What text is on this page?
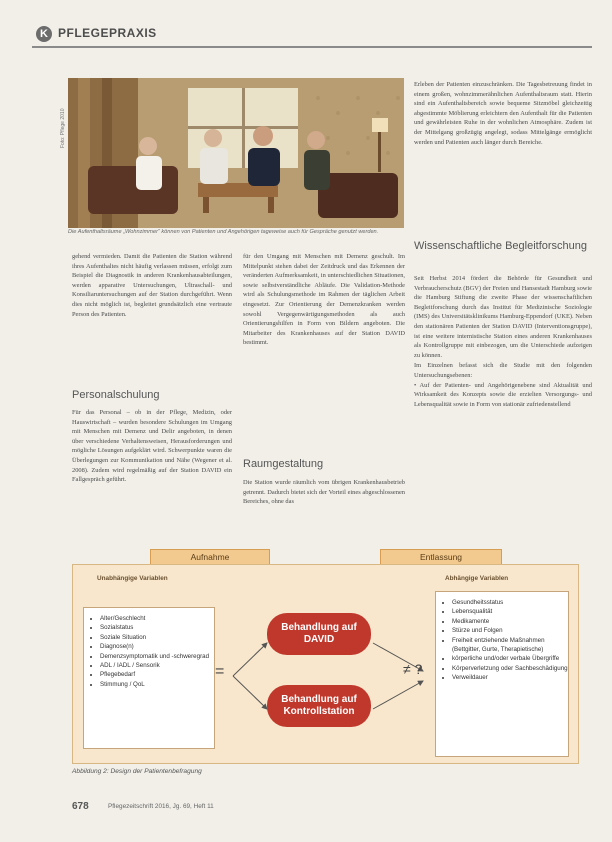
K PFLEGEPRAXIS
Foto: Pflege 2010
Die Aufenthaltsräume „Wohnzimmer“ können von Patienten und Angehörigen tageweise auch für Gespräche genutzt werden.

Erleben der Patienten einzuschränken. Die Tagesbetreuung findet in einem großen, wohnzimmerähnlichen Aufenthaltsraum statt. Hierin sind ein Aufenthaltsbereich sowie bequeme Sitzmöbel gleichzeitig abgestimmte Möblierung erleichtern den Aufenthalt für die Patienten und gewährleisten Ruhe in der wohnlichen Atmosphäre. Zudem ist der Mittelgang großzügig angelegt, sodass Mittelgänge ermöglicht werden und Patienten auch länger durch Bereiche.

gehend vermieden. Damit die Patienten die Station während ihres Aufenthaltes nicht häufig verlassen müssen, erfolgt zum Beispiel die Diagnostik in anderen Krankenhausabteilungen, werden apparative Untersuchungen, Ultraschall- und Konsiliaruntersuchungen auf der Station durchgeführt. Wenn dies nicht möglich ist, begleitet grundsätzlich eine vertraute Person des Patienten.

Personalschulung

Für das Personal – ob in der Pflege, Medizin, oder Hauswirtschaft – wurden besondere Schulungen im Umgang mit Menschen mit Demenz und Delir angeboten, in denen über verschiedene Verhaltensweisen, Herausforderungen und mögliche Lösungen aufgeklärt wird. Schwerpunkte waren die Überlegungen zur Kommunikation und Nähe (Wegener et al. 2008). Zudem wird regelmäßig auf der Station DAVID ein Fallgespräch geführt.

für den Umgang mit Menschen mit Demenz geschult. Im Mittelpunkt stehen dabei der Zeitdruck und das Erkennen der veränderten Aufmerksamkeit, in unterschiedlichen Situationen, sowie selbstverständliche Abläufe. Die Validation-Methode wird als Schulungsmethode im Rahmen der täglichen Arbeit eingesetzt. Zur Orientierung der Demenzkranken werden sowohl Vergegenwärtigungsmethoden als auch Orientierungshilfen in Form von Bildern angeboten. Die Mitarbeiter des Krankenhauses auf der Station DAVID bestimmt.

Raumgestaltung

Die Station wurde räumlich vom übrigen Krankenhausbetrieb getrennt. Dadurch bietet sich der Vorteil eines abgeschlossenen Bereiches, ohne das

Wissenschaftliche Begleitforschung

Seit Herbst 2014 fördert die Behörde für Gesundheit und Verbraucherschutz (BGV) der Freien und Hansestadt Hamburg sowie die Hamburg Stiftung die zweite Phase der wissenschaftlichen Begleitforschung durch das Institut für Medizinische Soziologie (IMS) des Universitätsklinikums Hamburg-Eppendorf (UKE). Neben den stationären Patienten der Station DAVID (Interventionsgruppe), ist eine weitere internistische Station eines anderen Krankenhauses als Kontrollgruppe mit einbezogen, um die Unterschiede aufzeigen zu können.

Im Einzelnen befasst sich die Studie mit den folgenden Untersuchungsebenen:

• Auf der Patienten- und Angehörigenebene sind Aktualität und Wirksamkeit des Konzepts sowie die erzielten Versorgungs- und Lebensqualität sowie in Form von stationär zufriedenstellend

Aufnahme	Entlassung
Unabhängige Variablen	Abhängige Variablen
• Alter/Geschlecht
• Sozialstatus
• Soziale Situation
• Diagnose(n)
• Demenzsymptomatik und -schweregrad
• ADL / IADL / Sensorik
• Pflegebedarf
• Stimmung / QoL
=
Behandlung auf DAVID
Behandlung auf Kontrollstation
≠ ?
• Gesundheitsstatus
• Lebensqualität
• Medikamente
• Stürze und Folgen
• Freiheit entziehende Maßnahmen (Bettgitter, Gurte, Therapietische)
• körperliche und/oder verbale Übergriffe
• Körperverletzung oder Sachbeschädigung
• Verweildauer
Abbildung 2: Design der Patientenbefragung
678	Pflegezeitschrift 2016, Jg. 69, Heft 11
